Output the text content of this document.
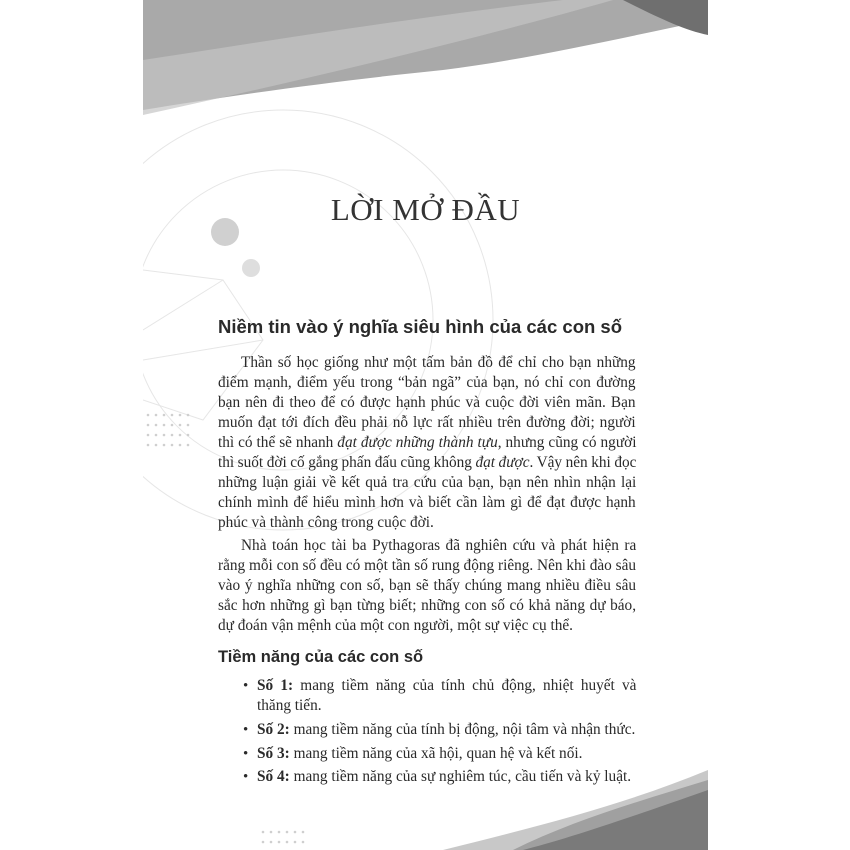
LỜI MỞ ĐẦU
Niềm tin vào ý nghĩa siêu hình của các con số
Thần số học giống như một tấm bản đồ để chỉ cho bạn những
điểm mạnh, điểm yếu trong “bản ngã” của bạn, nó chỉ con đường
bạn nên đi theo để có được hạnh phúc và cuộc đời viên mãn. Bạn
muốn đạt tới đích đều phải nỗ lực rất nhiều trên đường đời; người
thì có thể sẽ nhanh đạt được những thành tựu, nhưng cũng có người
thì suốt đời cố gắng phấn đấu cũng không đạt được. Vậy nên khi đọc
những luận giải về kết quả tra cứu của bạn, bạn nên nhìn nhận lại
chính mình để hiểu mình hơn và biết cần làm gì để đạt được hạnh
phúc và thành công trong cuộc đời.
Nhà toán học tài ba Pythagoras đã nghiên cứu và phát hiện ra
rằng mỗi con số đều có một tần số rung động riêng. Nên khi đào sâu
vào ý nghĩa những con số, bạn sẽ thấy chúng mang nhiều điều sâu
sắc hơn những gì bạn từng biết; những con số có khả năng dự báo,
dự đoán vận mệnh của một con người, một sự việc cụ thể.
Tiềm năng của các con số
• Số 1: mang tiềm năng của tính chủ động, nhiệt huyết và
thăng tiến.
• Số 2: mang tiềm năng của tính bị động, nội tâm và nhận thức.
• Số 3: mang tiềm năng của xã hội, quan hệ và kết nối.
• Số 4: mang tiềm năng của sự nghiêm túc, cầu tiến và kỷ luật.
